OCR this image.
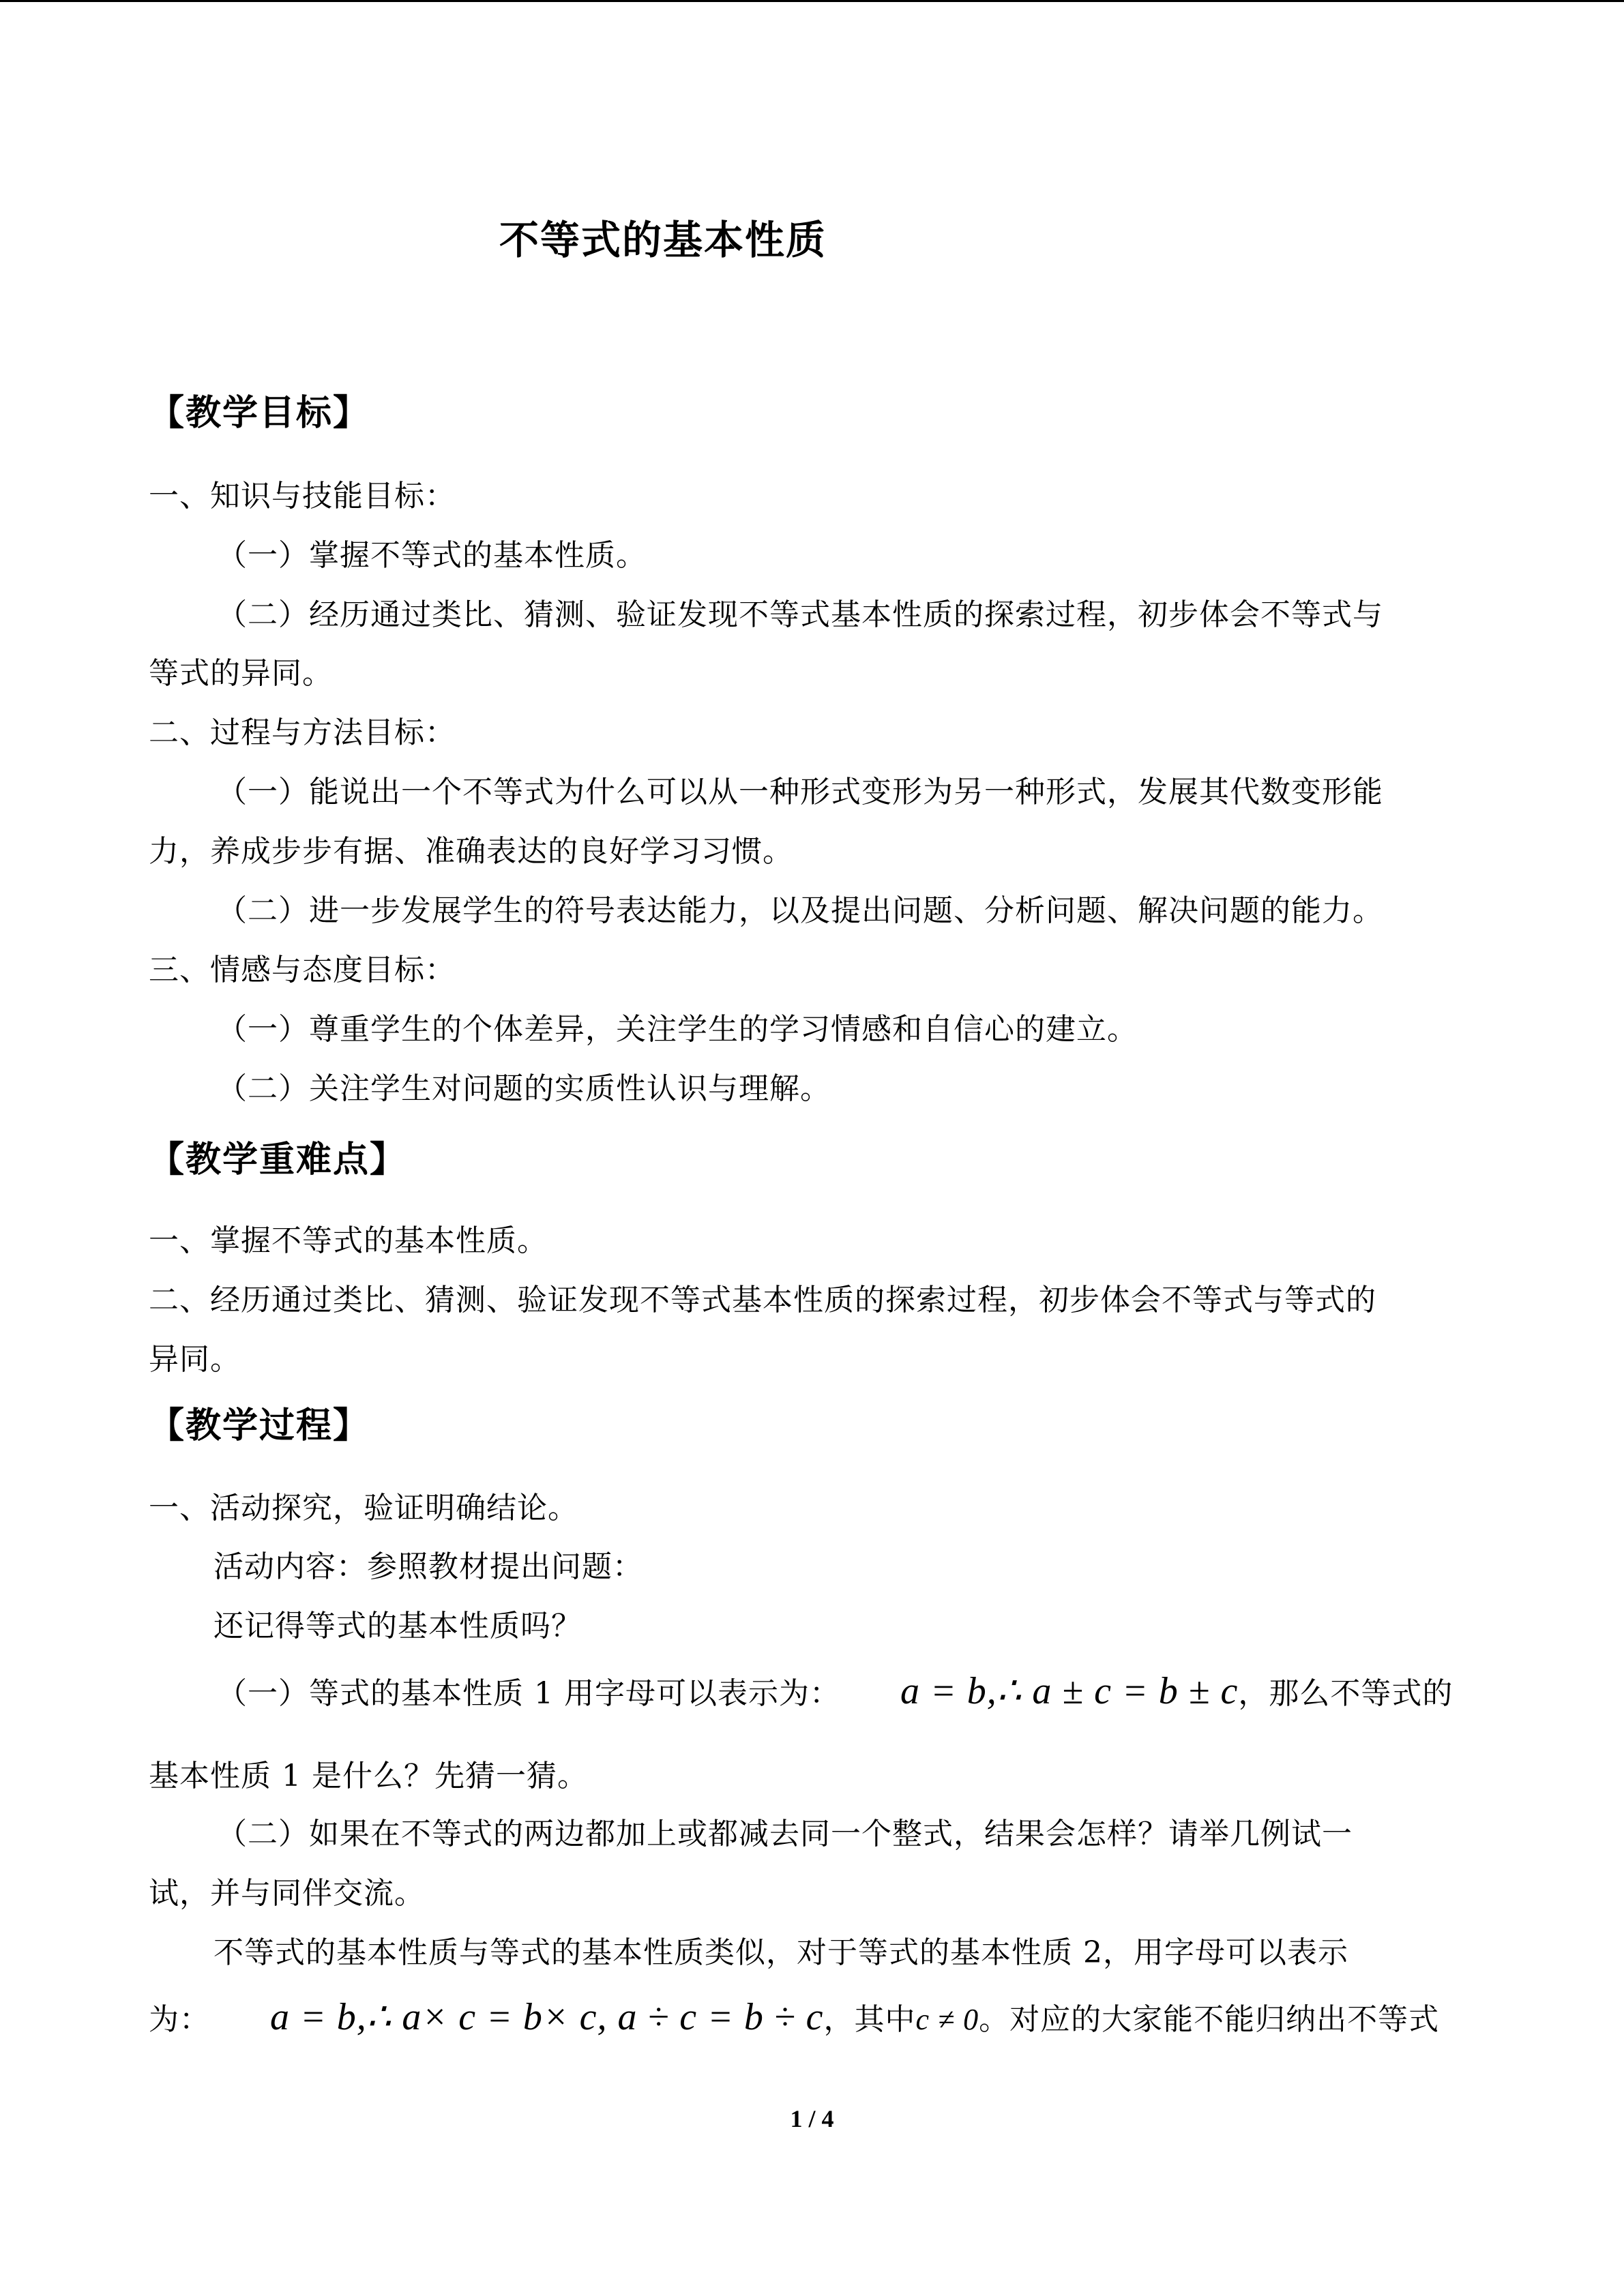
不等式的基本性质
【教学目标】
一、知识与技能目标：
（一）掌握不等式的基本性质。
（二）经历通过类比、猜测、验证发现不等式基本性质的探索过程，初步体会不等式与
等式的异同。
二、过程与方法目标：
（一）能说出一个不等式为什么可以从一种形式变形为另一种形式，发展其代数变形能
力，养成步步有据、准确表达的良好学习习惯。
（二）进一步发展学生的符号表达能力，以及提出问题、分析问题、解决问题的能力。
三、情感与态度目标：
（一）尊重学生的个体差异，关注学生的学习情感和自信心的建立。
（二）关注学生对问题的实质性认识与理解。
【教学重难点】
一、掌握不等式的基本性质。
二、经历通过类比、猜测、验证发现不等式基本性质的探索过程，初步体会不等式与等式的
异同。
【教学过程】
一、活动探究，验证明确结论。
活动内容：参照教材提出问题：
还记得等式的基本性质吗？
（一）等式的基本性质 1 用字母可以表示为： a = b,∴ a ± c = b ± c，那么不等式的
基本性质 1 是什么？先猜一猜。
（二）如果在不等式的两边都加上或都减去同一个整式，结果会怎样？请举几例试一
试，并与同伴交流。
不等式的基本性质与等式的基本性质类似，对于等式的基本性质 2，用字母可以表示
为： a = b,∴ a× c = b× c, a ÷ c = b ÷ c，其中c ≠ 0。对应的大家能不能归纳出不等式
1 / 4
